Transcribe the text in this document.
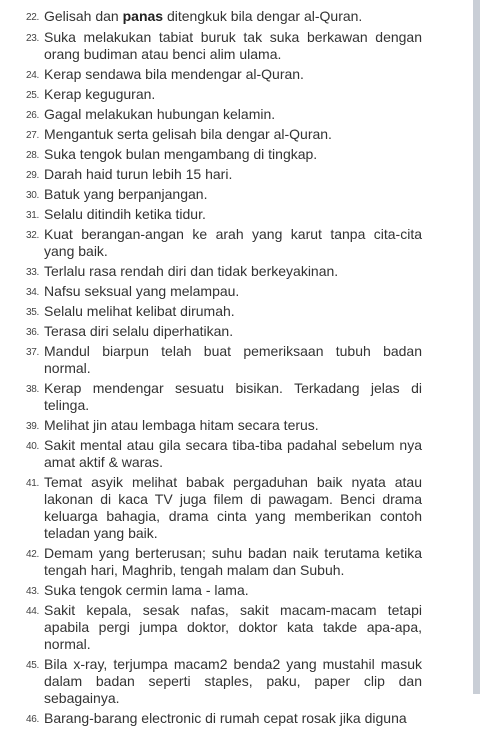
22. Gelisah dan panas ditengkuk bila dengar al-Quran.
23. Suka melakukan tabiat buruk tak suka berkawan dengan orang budiman atau benci alim ulama.
24. Kerap sendawa bila mendengar al-Quran.
25. Kerap keguguran.
26. Gagal melakukan hubungan kelamin.
27. Mengantuk serta gelisah bila dengar al-Quran.
28. Suka tengok bulan mengambang di tingkap.
29. Darah haid turun lebih 15 hari.
30. Batuk yang berpanjangan.
31. Selalu ditindih ketika tidur.
32. Kuat berangan-angan ke arah yang karut tanpa cita-cita yang baik.
33. Terlalu rasa rendah diri dan tidak berkeyakinan.
34. Nafsu seksual yang melampau.
35. Selalu melihat kelibat dirumah.
36. Terasa diri selalu diperhatikan.
37. Mandul biarpun telah buat pemeriksaan tubuh badan normal.
38. Kerap mendengar sesuatu bisikan. Terkadang jelas di telinga.
39. Melihat jin atau lembaga hitam secara terus.
40. Sakit mental atau gila secara tiba-tiba padahal sebelum nya amat aktif & waras.
41. Temat asyik melihat babak pergaduhan baik nyata atau lakonan di kaca TV juga filem di pawagam. Benci drama keluarga bahagia, drama cinta yang memberikan contoh teladan yang baik.
42. Demam yang berterusan; suhu badan naik terutama ketika tengah hari, Maghrib, tengah malam dan Subuh.
43. Suka tengok cermin lama - lama.
44. Sakit kepala, sesak nafas, sakit macam-macam tetapi apabila pergi jumpa doktor, doktor kata takde apa-apa, normal.
45. Bila x-ray, terjumpa macam2 benda2 yang mustahil masuk dalam badan seperti staples, paku, paper clip dan sebagainya.
46. Barang-barang electronic di rumah cepat rosak jika diguna
